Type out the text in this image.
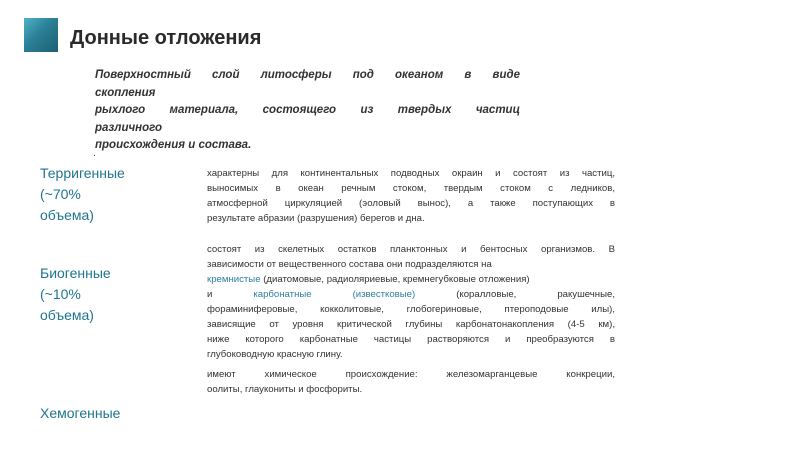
Донные отложения
Поверхностный слой литосферы под океаном в виде
скопления
рыхлого материала, состоящего из твердых частиц
различного
происхождения и состава.
.
Терригенные
(~70%
объема)
характерны для континентальных подводных окраин и состоят из частиц,
выносимых в океан речным стоком, твердым стоком с ледников,
атмосферной циркуляцией (эоловый вынос), а также поступающих в
результате абразии (разрушения) берегов и дна.
Биогенные
(~10%
объема)
состоят из скелетных остатков планктонных и бентосных организмов. В
зависимости от вещественного состава они подразделяются на
кремнистые (диатомовые, радиоляриевые, кремнегубковые отложения)
и карбонатные (известковые) (коралловые, ракушечные,
фораминиферовые, кокколитовые, глобогериновые, птероподовые илы),
зависящие от уровня критической глубины карбонатонакопления (4-5 км),
ниже которого карбонатные частицы растворяются и преобразуются в
глубоководную красную глину.
Хемогенные
имеют химическое происхождение: железомарганцевые конкреции,
оолиты, глаукониты и фосфориты.
